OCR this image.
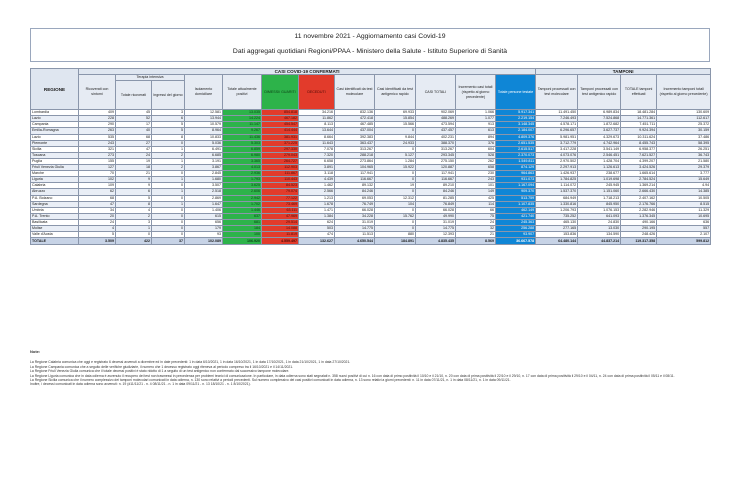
11 novembre 2021 - Aggiornamento casi Covid-19
Dati aggregati quotidiani Regioni/PPAA - Ministero della Salute - Istituto Superiore di Sanità
REGIONE	CASI COVID-19 CONFERMATI												TAMPONI			
	Ricoverati con sintomi	Terapia intensiva		Isolamento domiciliare	Totale attualmente positivi	DIMESSI/ GUARITI	DECEDUTI	Casi identificati da test molecolare	Casi identificati da test antigenico rapido	CASI TOTALI	Incremento casi totali (rispetto al giorno precedente)	Totale persone testate	Tamponi processati con test molecolare	Tamponi processati con test antigenico rapido	TOTALE tamponi effettuati	Incremento tamponi totali (rispetto al giorno precedente)
		Totale ricoverati	Ingressi del giorno													
Lombardia	409	45	3	12.581	13.035	854.818	34.216	832.136	69.933	902.069	1.066	5.917.341	11.491.450	6.989.834	18.481.284	130.609
Lazio	228	52	6	13.944	14.224	467.182	11.862	472.418	15.854	488.269	1.077	2.219.154	7.246.493	7.524.868	14.771.361	112.617
Campania	290	17	5	10.579	11.147	454.547	8.113	467.485	15.566	473.594	913	3.148.345	4.578.171	1.872.682	7.451.711	25.372
Emilia-Romagna	263	40	5	8.964	9.267	414.444	13.644	437.004	0	437.457	613	2.184.007	6.296.657	3.627.737	9.924.394	30.159
Lazio	535	68	8	10.833	11.436	381.931	8.664	392.383	9.844	402.231	894	4.809.376	5.981.951	4.329.673	10.311.624	37.486
Piemonte	243	27	0	5.036	5.303	371.225	11.643	363.437	24.933	388.370	376	2.651.535	3.712.779	4.742.964	8.455.743	58.395
Sicilia	321	47	1	6.491	6.859	297.330	7.078	313.267	0	313.267	604	2.615.517	3.417.228	3.541.149	6.958.377	26.251
Toscana	273	24	2	6.685	6.980	279.043	7.320	288.218	5.127	293.345	528	2.370.073	4.073.076	2.546.451	7.621.527	36.743
Puglia	155	19	1	3.191	3.365	264.727	6.658	273.864	1.284	275.150	262	1.549.811	2.970.502	1.428.704	4.399.207	21.580
Friuli Venezia Giulia	127	18	2	3.867	4.013	112.903	3.891	104.965	15.922	120.887	658	874.129	2.297.913	1.126.613	3.424.526	29.379
Marche	70	21	0	2.845	2.936	111.867	3.118	117.941	0	117.941	230	964.863	1.426.937	238.677	1.665.614	3.777
Liguria	102	9	1	1.680	1.793	110.443	4.439	116.667	0	116.667	243	931.073	1.784.825	1.019.698	2.784.524	15.649
Calabria	109	9	0	3.507	3.625	84.523	1.462	89.132	19	89.210	101	1.167.094	1.114.072	245.945	1.369.214	4.94
Abruzzo	62	6	1	2.518	2.606	79.074	2.566	84.246	0	84.246	149	909.370	1.537.370	1.151.060	2.666.430	14.385
P.A. Bolzano	68	5	0	2.869	2.942	77.122	1.213	69.053	12.312	81.285	425	513.759	684.949	1.718.213	2.407.162	10.505
Sardegna	47	8	1	1.647	1.702	73.469	1.678	76.749	104	76.849	114	1.107.835	1.330.816	845.950	2.176.766	8.515
Umbria	34	4	0	1.406	1.446	63.111	1.471	66.028	0	66.028	66	462.149	1.206.793	1.076.153	2.282.946	11.329
P.A. Trento	20	2	0	615	637	47.969	1.384	34.228	15.762	49.990	75	421.740	735.252	641.093	1.376.345	10.695
Basilicata	24	3	0	656	681	29.514	624	31.019	0	31.019	24	245.363	465.130	24.830	490.166	636
Molise	4	1	0	179	184	14.088	503	14.775	0	14.775	32	256.288	277.165	13.030	290.195	557
Valle d'Aosta	5	0	0	93	100	11.819	474	11.513	880	12.393	21	93.907	153.836	134.590	248.426	2.107
TOTALE	3.509	422	37	102.089	106.920	4.559.497	132.627	4.650.544	184.891	4.835.435	8.569	36.667.578	64.480.144	44.837.214	119.317.358	599.812
Note:
La Regione Calabria comunica che oggi e registrato 6 decessi avvenuti a dicembre ed in date precedenti: 1 in data 6/10/2021, 1 in data 16/10/2021, 1 in data 17/10/2021, 1 in data 21/10/2021, 1 in data 27/10/2021.
La Regione Campania comunica che a seguito delle verifiche giudiziarie, il numero che 1 decesso registrato oggi riteneva al periodo compreso tra il 16/10/2021 e il 14/11/2021.
La Regione Friuli Venezia Giulia comunica che il totale decessi positivi è stato ridotto di 1 a seguito di un test antigenico non confermato dal successivo tampone molecolare.
La Regione Liguria comunica che in data odierna è avvenuto il recupero dei test non trasmessi in precedenza per problemi tecnici di comunicazione. In particolare, in data odierna sono stati segnalati n. 358 nuovi positivi di cui n. 16 con data di primo positività il 10/10 e il 21/10, n. 20 con data di prima positività il 22/10 e il 29/10, n. 17 con data di prima positività il 29/10 e il 04/11, n. 24 con data di prima positività il 05/11 e il 08/11.
La Regione Sicilia comunica che il numero complessivo dei tamponi molecolari comunicati in data odierna, n. 130 sono relativi a periodi precedenti. Sul numero complessivo dei casi positivi comunicati in data odierna, n. 13 sono relativi a giorni precedenti: n. 11 in data 07/11/21, n. 1 in data 08/11/21, n. 1 in data 09/11/21.
Inoltre, i decessi comunicati in data odierna sono avvenuti: n. 19 (d11/11/21 - n. 4 08/11/21 - n. 1 in data 09/11/21 - n. 13 18/10/21 - n. 1 8/10/2021).
